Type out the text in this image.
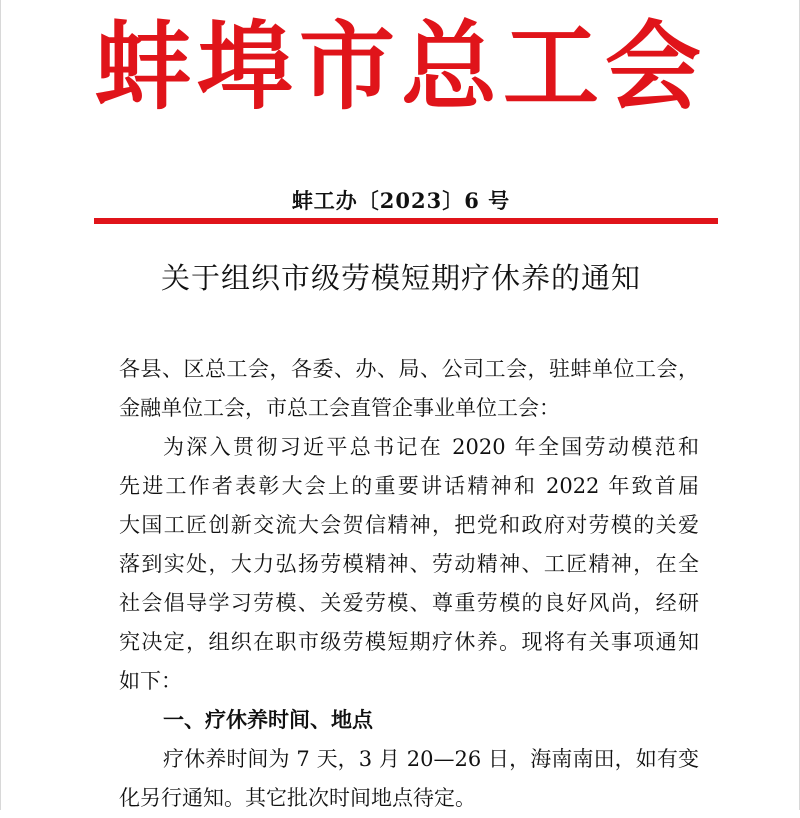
蚌埠市总工会
蚌工办〔2023〕6 号
关于组织市级劳模短期疗休养的通知
各县、区总工会，各委、办、局、公司工会，驻蚌单位工会，
金融单位工会，市总工会直管企事业单位工会：
为深入贯彻习近平总书记在 2020 年全国劳动模范和
先进工作者表彰大会上的重要讲话精神和 2022 年致首届
大国工匠创新交流大会贺信精神，把党和政府对劳模的关爱
落到实处，大力弘扬劳模精神、劳动精神、工匠精神，在全
社会倡导学习劳模、关爱劳模、尊重劳模的良好风尚，经研
究决定，组织在职市级劳模短期疗休养。现将有关事项通知
如下：
一、疗休养时间、地点
疗休养时间为 7 天，3 月 20—26 日，海南南田，如有变
化另行通知。其它批次时间地点待定。
